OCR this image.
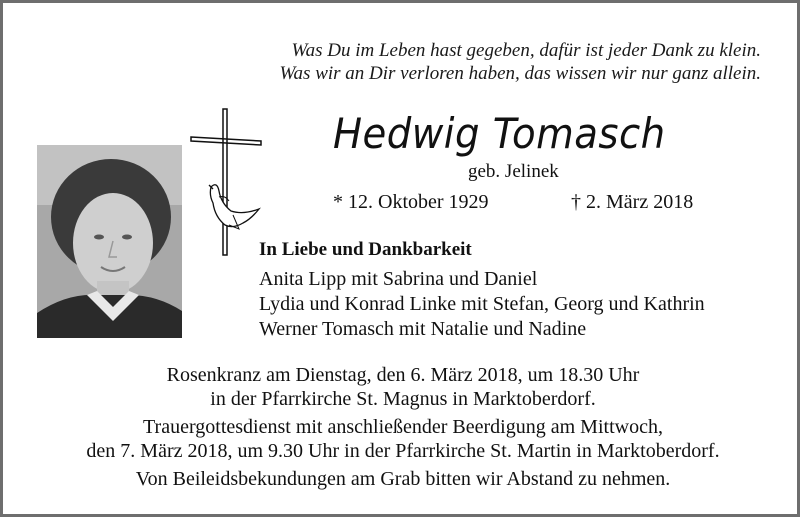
Was Du im Leben hast gegeben, dafür ist jeder Dank zu klein.
Was wir an Dir verloren haben, das wissen wir nur ganz allein.
Hedwig Tomasch
geb. Jelinek
* 12. Oktober 1929	† 2. März 2018
In Liebe und Dankbarkeit
Anita Lipp mit Sabrina und Daniel
Lydia und Konrad Linke mit Stefan, Georg und Kathrin
Werner Tomasch mit Natalie und Nadine
Rosenkranz am Dienstag, den 6. März 2018, um 18.30 Uhr
in der Pfarrkirche St. Magnus in Marktoberdorf.
Trauergottesdienst mit anschließender Beerdigung am Mittwoch,
den 7. März 2018, um 9.30 Uhr in der Pfarrkirche St. Martin in Marktoberdorf.
Von Beileidsbekundungen am Grab bitten wir Abstand zu nehmen.
